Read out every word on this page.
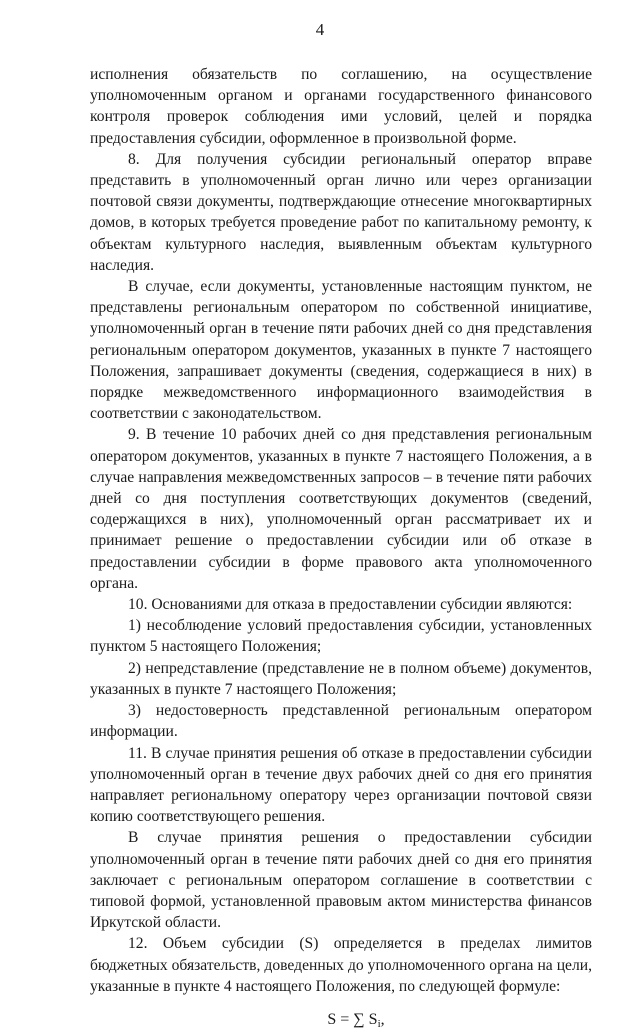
4

исполнения обязательств по соглашению, на осуществление уполномоченным органом и органами государственного финансового контроля проверок соблюдения ими условий, целей и порядка предоставления субсидии, оформленное в произвольной форме.

8. Для получения субсидии региональный оператор вправе представить в уполномоченный орган лично или через организации почтовой связи документы, подтверждающие отнесение многоквартирных домов, в которых требуется проведение работ по капитальному ремонту, к объектам культурного наследия, выявленным объектам культурного наследия.

В случае, если документы, установленные настоящим пунктом, не представлены региональным оператором по собственной инициативе, уполномоченный орган в течение пяти рабочих дней со дня представления региональным оператором документов, указанных в пункте 7 настоящего Положения, запрашивает документы (сведения, содержащиеся в них) в порядке межведомственного информационного взаимодействия в соответствии с законодательством.

9. В течение 10 рабочих дней со дня представления региональным оператором документов, указанных в пункте 7 настоящего Положения, а в случае направления межведомственных запросов – в течение пяти рабочих дней со дня поступления соответствующих документов (сведений, содержащихся в них), уполномоченный орган рассматривает их и принимает решение о предоставлении субсидии или об отказе в предоставлении субсидии в форме правового акта уполномоченного органа.

10. Основаниями для отказа в предоставлении субсидии являются:

1) несоблюдение условий предоставления субсидии, установленных пунктом 5 настоящего Положения;

2) непредставление (представление не в полном объеме) документов, указанных в пункте 7 настоящего Положения;

3) недостоверность представленной региональным оператором информации.

11. В случае принятия решения об отказе в предоставлении субсидии уполномоченный орган в течение двух рабочих дней со дня его принятия направляет региональному оператору через организации почтовой связи копию соответствующего решения.

В случае принятия решения о предоставлении субсидии уполномоченный орган в течение пяти рабочих дней со дня его принятия заключает с региональным оператором соглашение в соответствии с типовой формой, установленной правовым актом министерства финансов Иркутской области.

12. Объем субсидии (S) определяется в пределах лимитов бюджетных обязательств, доведенных до уполномоченного органа на цели, указанные в пункте 4 настоящего Положения, по следующей формуле:

S = ∑ $S_i$,
